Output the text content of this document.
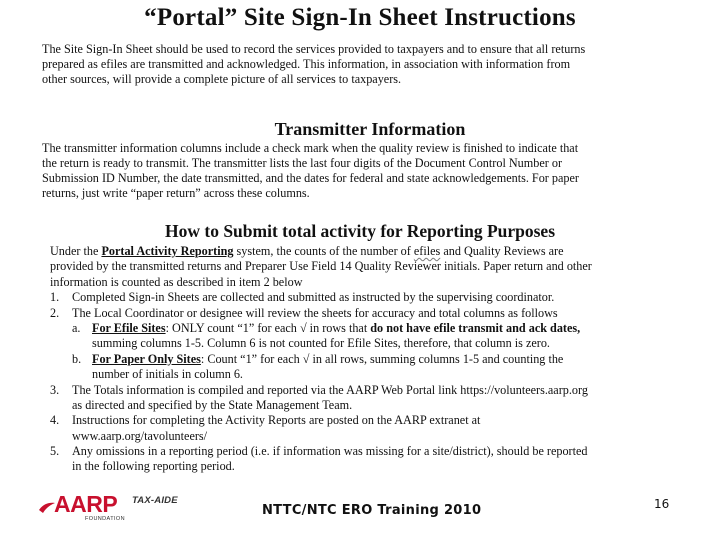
“Portal” Site Sign-In Sheet Instructions
The Site Sign-In Sheet should be used to record the services provided to taxpayers and to ensure that all returns
prepared as efiles are transmitted and acknowledged. This information, in association with information from
other sources, will provide a complete picture of all services to taxpayers.
Transmitter Information
The transmitter information columns include a check mark when the quality review is finished to indicate that
the return is ready to transmit. The transmitter lists the last four digits of the Document Control Number or
Submission ID Number, the date transmitted, and the dates for federal and state acknowledgements. For paper
returns, just write “paper return” across these columns.
How to Submit total activity for Reporting Purposes
Under the Portal Activity Reporting system, the counts of the number of efiles and Quality Reviews are
provided by the transmitted returns and Preparer Use Field 14 Quality Reviewer initials. Paper return and other
information is counted as described in item 2 below
1. Completed Sign-in Sheets are collected and submitted as instructed by the supervising coordinator.
2. The Local Coordinator or designee will review the sheets for accuracy and total columns as follows
a. For Efile Sites: ONLY count “1” for each √ in rows that do not have efile transmit and ack dates,
summing columns 1-5. Column 6 is not counted for Efile Sites, therefore, that column is zero.
b. For Paper Only Sites: Count “1” for each √ in all rows, summing columns 1-5 and counting the
number of initials in column 6.
3. The Totals information is compiled and reported via the AARP Web Portal link https://volunteers.aarp.org
as directed and specified by the State Management Team.
4. Instructions for completing the Activity Reports are posted on the AARP extranet at
www.aarp.org/tavolunteers/
5. Any omissions in a reporting period (i.e. if information was missing for a site/district), should be reported
in the following reporting period.
AARP TAX-AIDE
FOUNDATION
NTTC/NTC ERO Training 2010	16
